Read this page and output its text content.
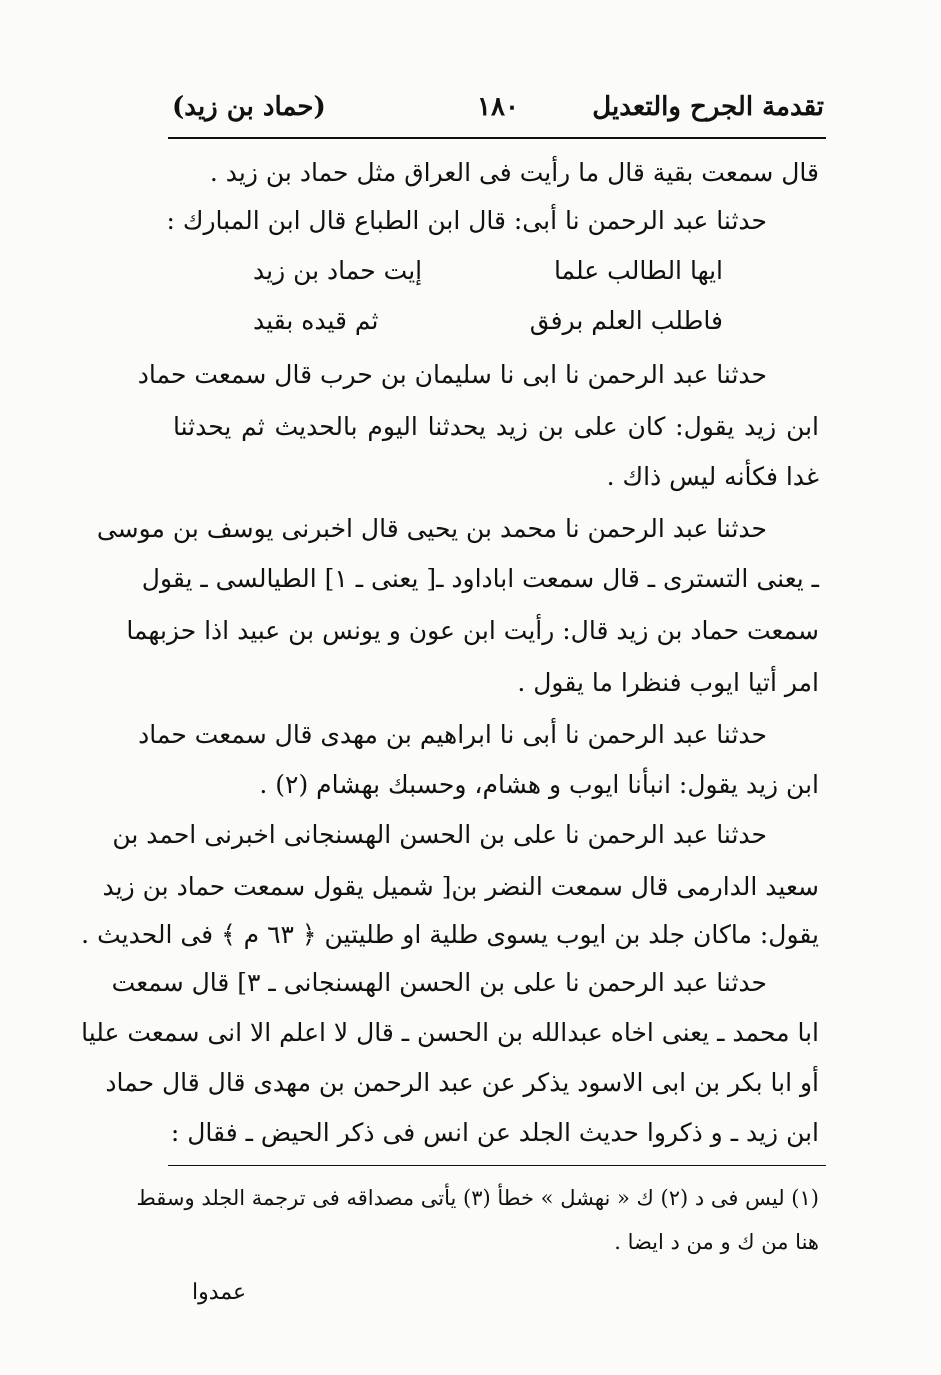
تقدمة الجرح والتعديل
١٨٠
(حماد بن زيد)
قال سمعت بقية قال ما رأيت فى العراق مثل حماد بن زيد .
حدثنا عبد الرحمن نا أبى: قال ابن الطباع قال ابن المبارك :
ايها الطالب علما
إيت حماد بن زيد
فاطلب العلم برفق
ثم قيده بقيد
حدثنا عبد الرحمن نا ابى نا سليمان بن حرب قال سمعت حماد
ابن زيد يقول: كان على بن زيد يحدثنا اليوم بالحديث ثم يحدثنا
غدا فكأنه ليس ذاك .
حدثنا عبد الرحمن نا محمد بن يحيى قال اخبرنى يوسف بن موسى
ـ يعنى التسترى ـ قال سمعت اباداود ـ[ يعنى ـ ١] الطيالسى ـ يقول
سمعت حماد بن زيد قال: رأيت ابن عون و يونس بن عبيد اذا حزبهما
امر أتيا ايوب فنظرا ما يقول .
حدثنا عبد الرحمن نا أبى نا ابراهيم بن مهدى قال سمعت حماد
ابن زيد يقول: انبأنا ايوب و هشام، وحسبك بهشام (٢) .
حدثنا عبد الرحمن نا على بن الحسن الهسنجانى اخبرنى احمد بن
سعيد الدارمى قال سمعت النضر بن[ شميل يقول سمعت حماد بن زيد
يقول: ماكان جلد بن ايوب يسوى طلية او طليتين ﴿ ٦٣ م ﴾ فى الحديث .
حدثنا عبد الرحمن نا على بن الحسن الهسنجانى ـ ٣] قال سمعت
ابا محمد ـ يعنى اخاه عبدالله بن الحسن ـ قال لا اعلم الا انى سمعت عليا
أو ابا بكر بن ابى الاسود يذكر عن عبد الرحمن بن مهدى قال قال حماد
ابن زيد ـ و ذكروا حديث الجلد عن انس فى ذكر الحيض ـ فقال :
(١) ليس فى د (٢) ك « نهشل » خطأ (٣) يأتى مصداقه فى ترجمة الجلد وسقط
هنا من ك و من د ايضا .
عمدوا
